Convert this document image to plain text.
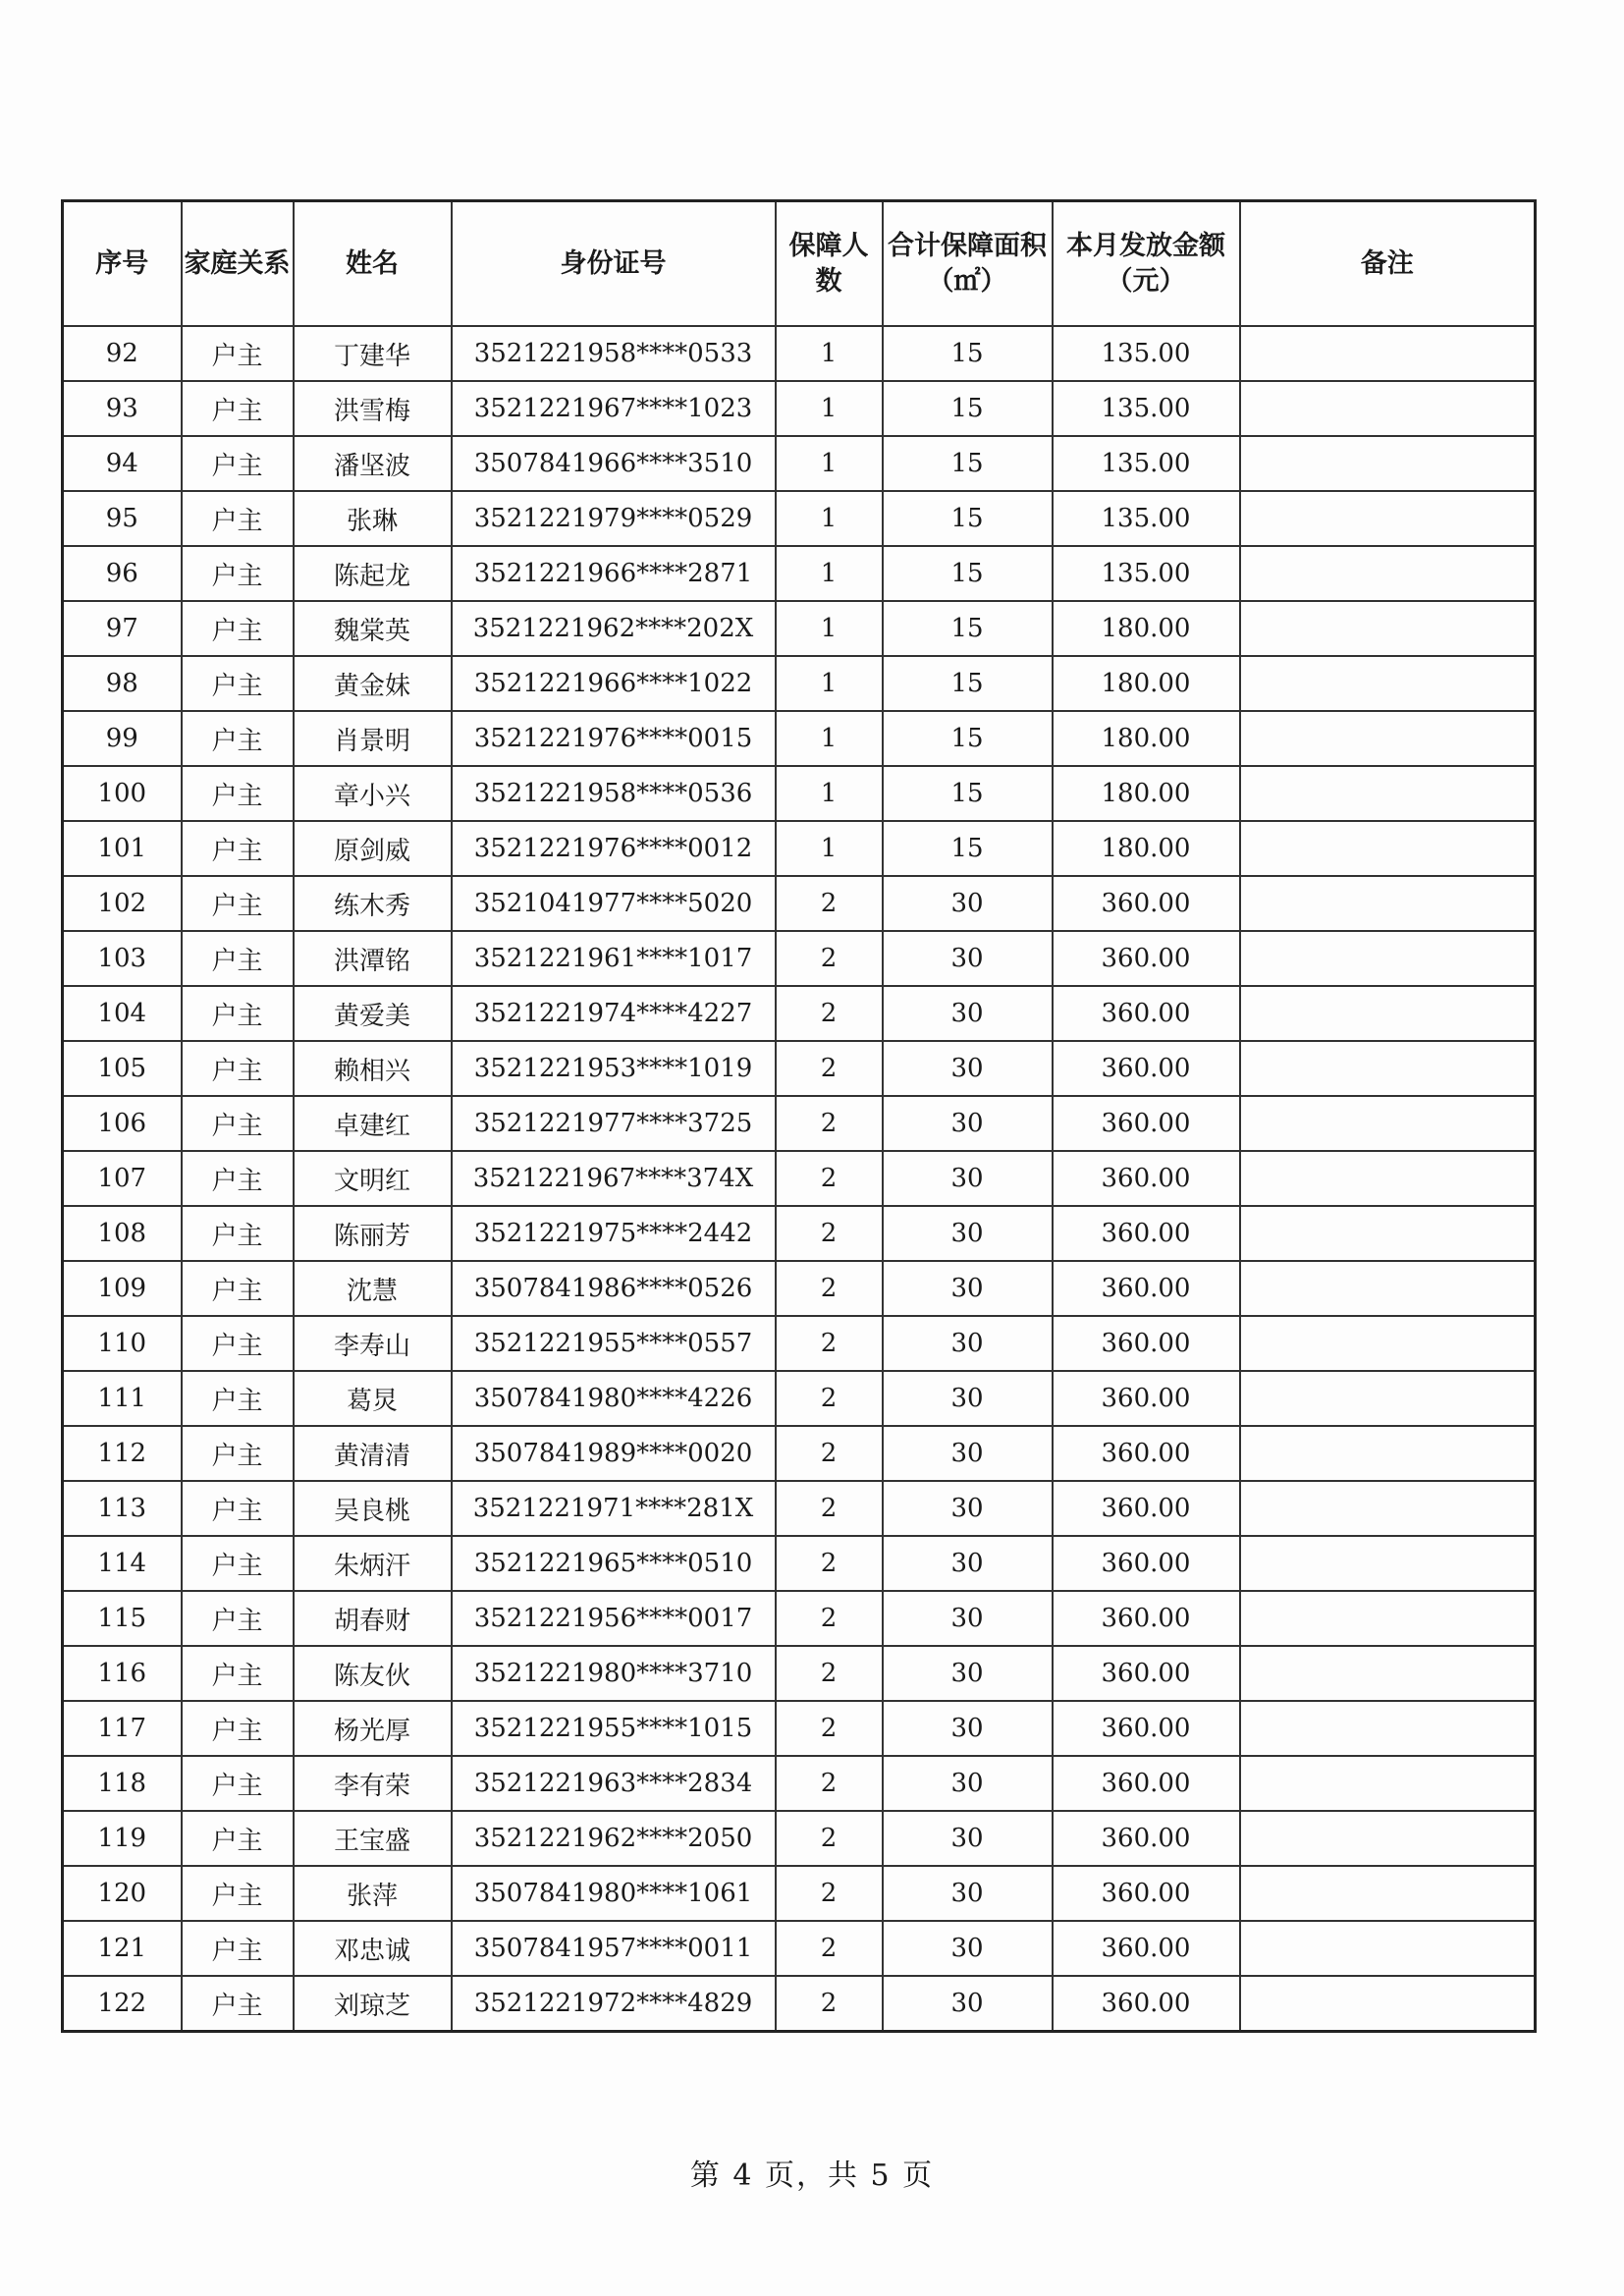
序号	家庭关系	姓名	身份证号	保障人数	合计保障面积（㎡）	本月发放金额（元）	备注
92	户主	丁建华	3521221958****0533	1	15	135.00	
93	户主	洪雪梅	3521221967****1023	1	15	135.00	
94	户主	潘坚波	3507841966****3510	1	15	135.00	
95	户主	张琳	3521221979****0529	1	15	135.00	
96	户主	陈起龙	3521221966****2871	1	15	135.00	
97	户主	魏棠英	3521221962****202X	1	15	180.00	
98	户主	黄金妹	3521221966****1022	1	15	180.00	
99	户主	肖景明	3521221976****0015	1	15	180.00	
100	户主	章小兴	3521221958****0536	1	15	180.00	
101	户主	原剑威	3521221976****0012	1	15	180.00	
102	户主	练木秀	3521041977****5020	2	30	360.00	
103	户主	洪潭铭	3521221961****1017	2	30	360.00	
104	户主	黄爱美	3521221974****4227	2	30	360.00	
105	户主	赖相兴	3521221953****1019	2	30	360.00	
106	户主	卓建红	3521221977****3725	2	30	360.00	
107	户主	文明红	3521221967****374X	2	30	360.00	
108	户主	陈丽芳	3521221975****2442	2	30	360.00	
109	户主	沈慧	3507841986****0526	2	30	360.00	
110	户主	李寿山	3521221955****0557	2	30	360.00	
111	户主	葛炅	3507841980****4226	2	30	360.00	
112	户主	黄清清	3507841989****0020	2	30	360.00	
113	户主	吴良桃	3521221971****281X	2	30	360.00	
114	户主	朱炳汗	3521221965****0510	2	30	360.00	
115	户主	胡春财	3521221956****0017	2	30	360.00	
116	户主	陈友伙	3521221980****3710	2	30	360.00	
117	户主	杨光厚	3521221955****1015	2	30	360.00	
118	户主	李有荣	3521221963****2834	2	30	360.00	
119	户主	王宝盛	3521221962****2050	2	30	360.00	
120	户主	张萍	3507841980****1061	2	30	360.00	
121	户主	邓忠诚	3507841957****0011	2	30	360.00	
122	户主	刘琼芝	3521221972****4829	2	30	360.00	
第 4 页，共 5 页
